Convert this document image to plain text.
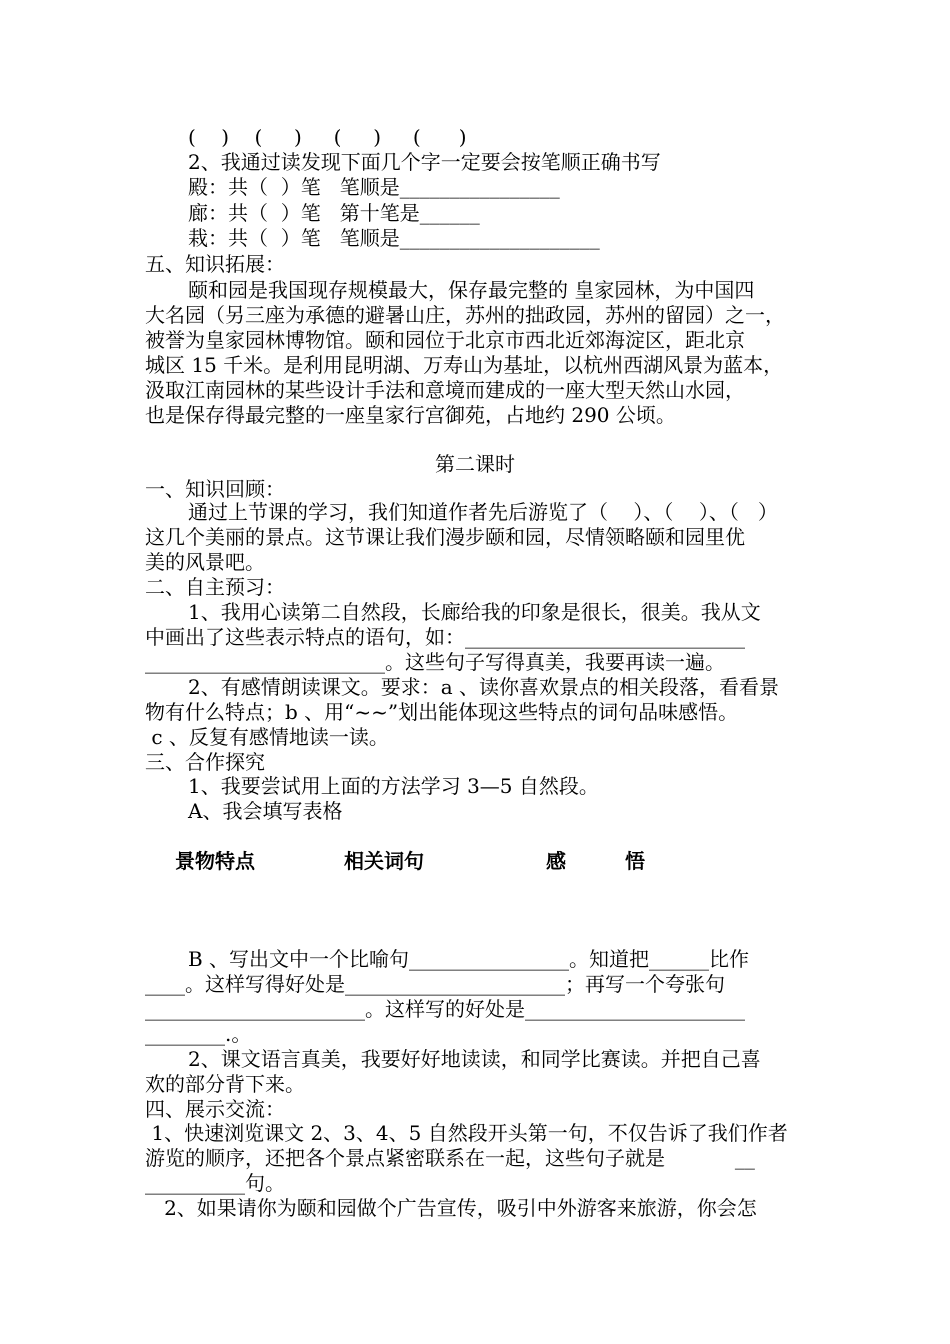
(    )    (     )     (     )     (      )
2、我通过读发现下面几个字一定要会按笔顺正确书写
殿：共（  ）笔   笔顺是________________
廊：共（  ）笔   第十笔是______
栽：共（  ）笔   笔顺是____________________
五、知识拓展：
颐和园是我国现存规模最大，保存最完整的 皇家园林，为中国四
大名园（另三座为承德的避暑山庄，苏州的拙政园，苏州的留园）之一，
被誉为皇家园林博物馆。颐和园位于北京市西北近郊海淀区，距北京
城区 15 千米。是利用昆明湖、万寿山为基址，以杭州西湖风景为蓝本，
汲取江南园林的某些设计手法和意境而建成的一座大型天然山水园，
也是保存得最完整的一座皇家行宫御苑，占地约 290 公顷。
第二课时
一、知识回顾：
通过上节课的学习，我们知道作者先后游览了（    ）、（    ）、（   ）
这几个美丽的景点。这节课让我们漫步颐和园，尽情领略颐和园里优
美的风景吧。
二、自主预习：
1、我用心读第二自然段，长廊给我的印象是很长，很美。我从文
中画出了这些表示特点的语句，如：____________________________
________________________。这些句子写得真美，我要再读一遍。
2、有感情朗读课文。要求：a 、读你喜欢景点的相关段落，看看景
物有什么特点；b 、用“~~”划出能体现这些特点的词句品味感悟。
c 、反复有感情地读一读。
三、合作探究
1、我要尝试用上面的方法学习 3—5 自然段。
A、我会填写表格
景物特点	相关词句	感	悟
B 、写出文中一个比喻句________________。知道把______比作
____。这样写得好处是______________________；再写一个夸张句
______________________。这样写的好处是______________________
________.。
2、课文语言真美，我要好好地读读，和同学比赛读。并把自己喜
欢的部分背下来。
四、展示交流：
1、快速浏览课文 2、3、4、5 自然段开头第一句，不仅告诉了我们作者
游览的顺序，还把各个景点紧密联系在一起，这些句子就是           __
__________句。
2、如果请你为颐和园做个广告宣传，吸引中外游客来旅游，你会怎
